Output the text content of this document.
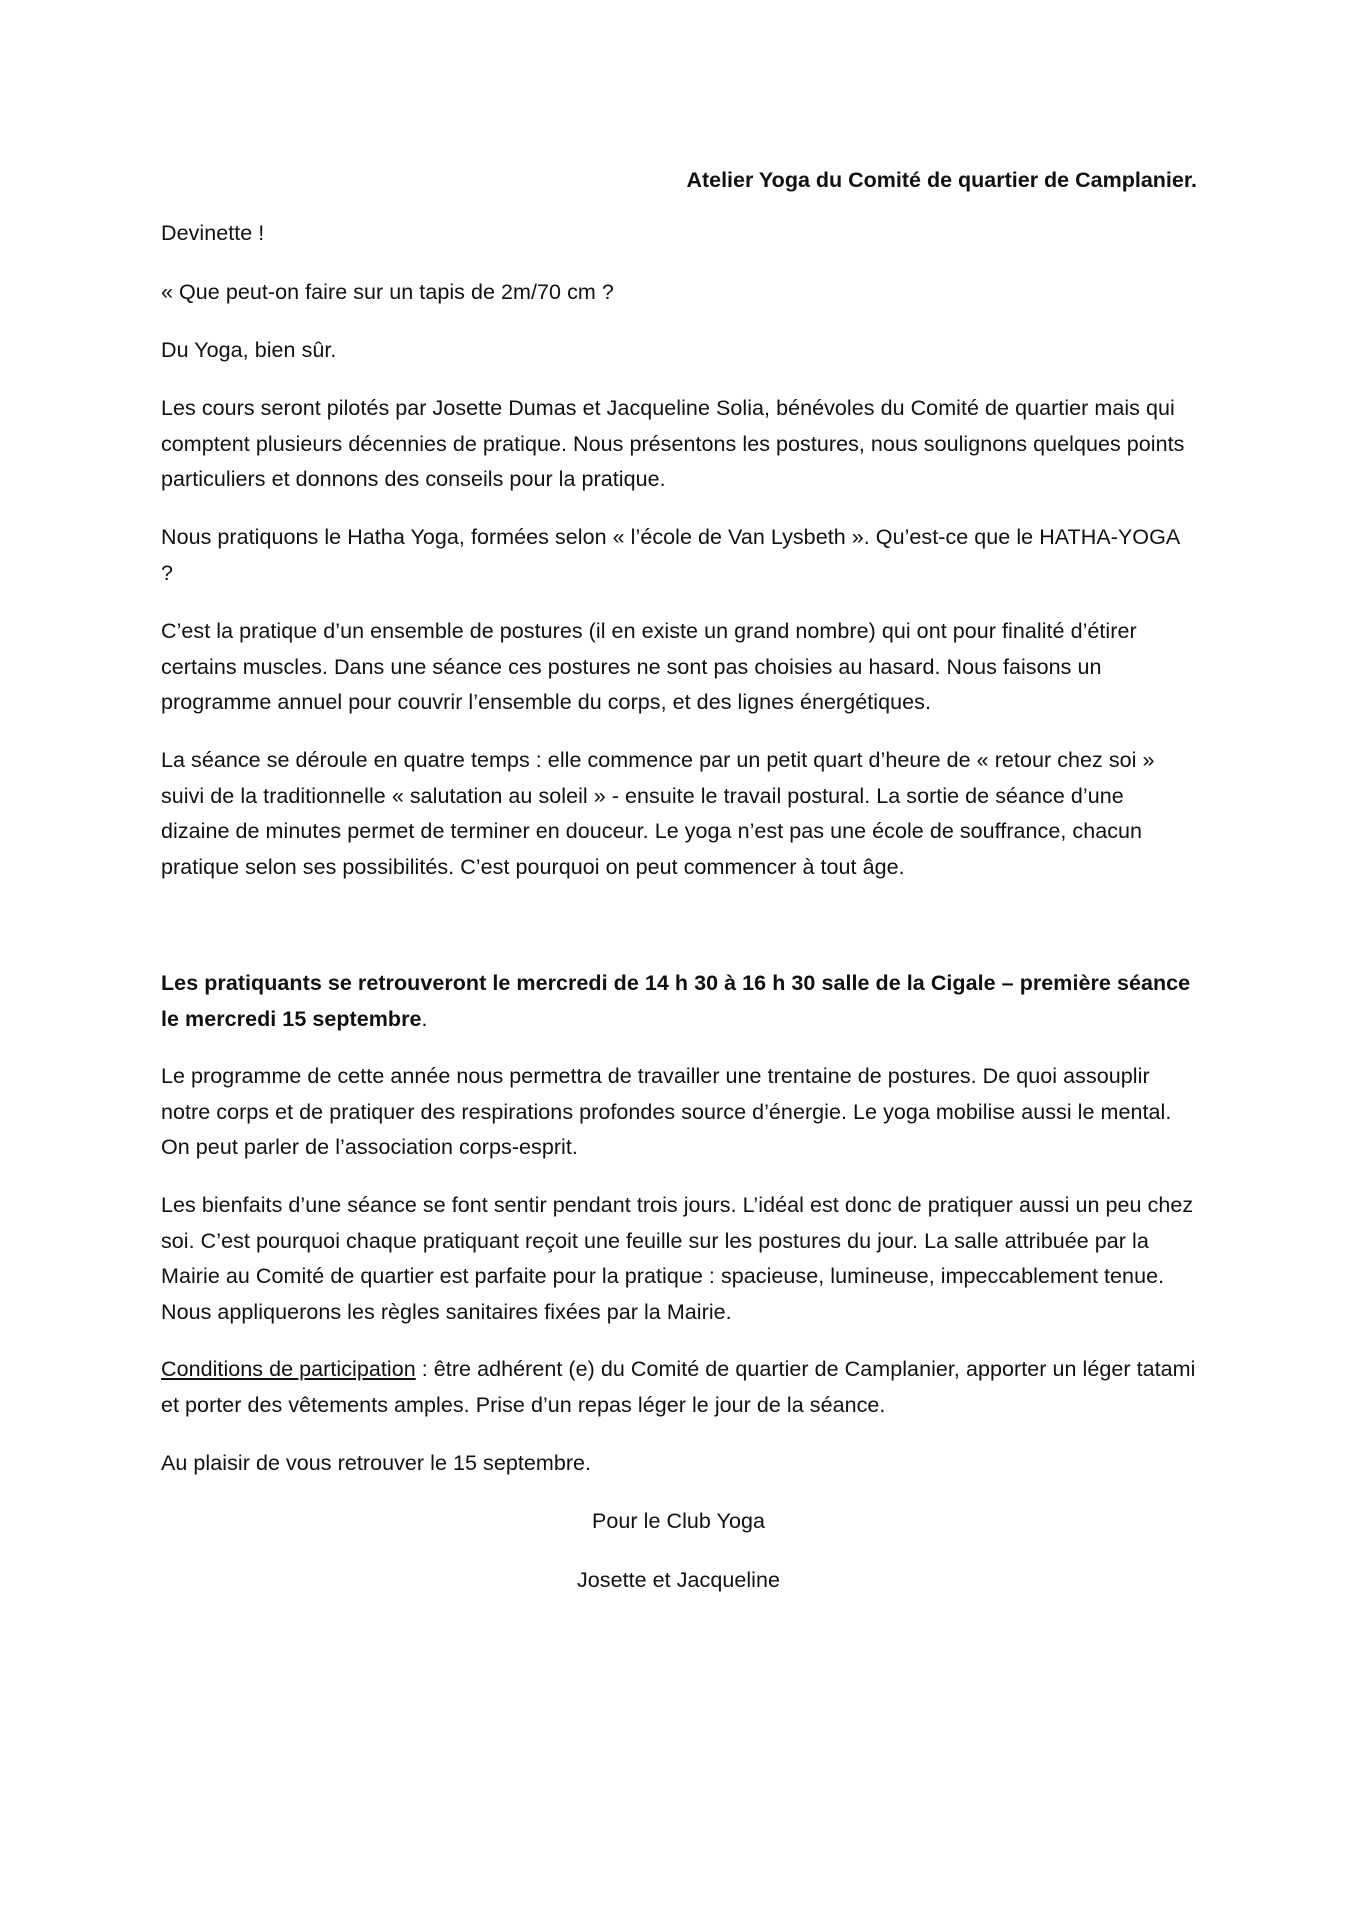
Atelier Yoga du Comité de quartier de Camplanier.
Devinette !
« Que peut-on faire sur un tapis de 2m/70 cm ?
Du Yoga, bien sûr.
Les cours seront pilotés par Josette Dumas et Jacqueline Solia, bénévoles du Comité de quartier mais qui comptent plusieurs décennies de pratique. Nous présentons les postures, nous soulignons quelques points particuliers et donnons des conseils pour la pratique.
Nous pratiquons le Hatha Yoga, formées selon « l’école de Van Lysbeth ». Qu’est-ce que le HATHA-YOGA ?
C’est la pratique d’un ensemble de postures (il en existe un grand nombre) qui ont pour finalité d’étirer certains muscles. Dans une séance ces postures ne sont pas choisies au hasard. Nous faisons un programme annuel pour couvrir l’ensemble du corps, et des lignes énergétiques.
La séance se déroule en quatre temps : elle commence par un petit quart d’heure de « retour chez soi » suivi de la traditionnelle « salutation au soleil » - ensuite le travail postural. La sortie de séance d’une dizaine de minutes permet de terminer en douceur. Le yoga n’est pas une école de souffrance, chacun pratique selon ses possibilités. C’est pourquoi on peut commencer à tout âge.
Les pratiquants se retrouveront le mercredi de 14 h 30 à 16 h 30 salle de la Cigale – première séance le mercredi 15 septembre.
Le programme de cette année nous permettra de travailler une trentaine de postures. De quoi assouplir notre corps et de pratiquer des respirations profondes source d’énergie. Le yoga mobilise aussi le mental. On peut parler de l’association corps-esprit.
Les bienfaits d’une séance se font sentir pendant trois jours. L’idéal est donc de pratiquer aussi un peu chez soi. C’est pourquoi chaque pratiquant reçoit une feuille sur les postures du jour. La salle attribuée par la Mairie au Comité de quartier est parfaite pour la pratique : spacieuse, lumineuse, impeccablement tenue. Nous appliquerons les règles sanitaires fixées par la Mairie.
Conditions de participation : être adhérent (e) du Comité de quartier de Camplanier, apporter un léger tatami et porter des vêtements amples. Prise d’un repas léger le jour de la séance.
Au plaisir de vous retrouver le 15 septembre.
Pour le Club Yoga
Josette et Jacqueline
